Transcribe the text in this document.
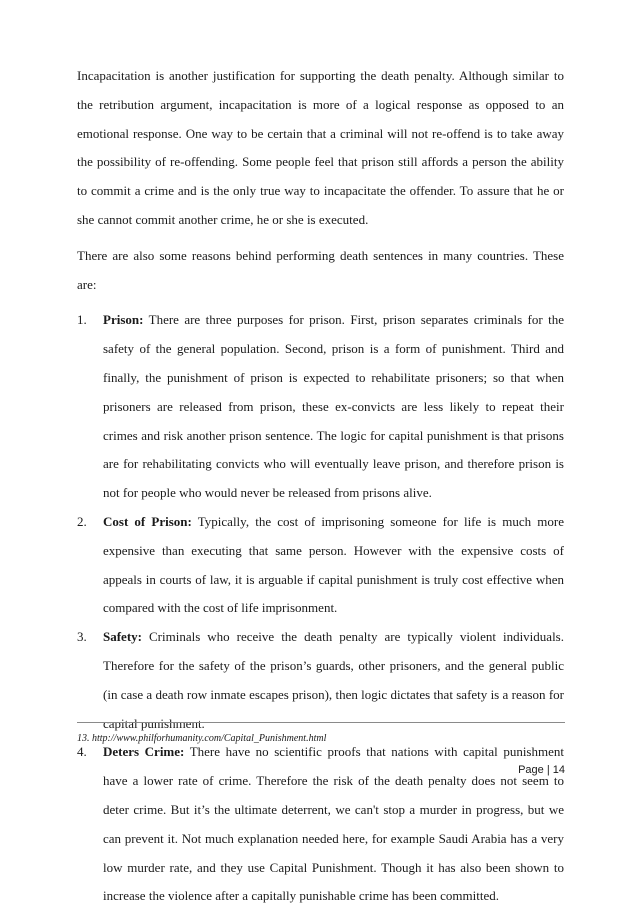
Incapacitation is another justification for supporting the death penalty. Although similar to the retribution argument, incapacitation is more of a logical response as opposed to an emotional response. One way to be certain that a criminal will not re-offend is to take away the possibility of re-offending. Some people feel that prison still affords a person the ability to commit a crime and is the only true way to incapacitate the offender. To assure that he or she cannot commit another crime, he or she is executed.

There are also some reasons behind performing death sentences in many countries. These are:

1. Prison: There are three purposes for prison. First, prison separates criminals for the safety of the general population. Second, prison is a form of punishment. Third and finally, the punishment of prison is expected to rehabilitate prisoners; so that when prisoners are released from prison, these ex-convicts are less likely to repeat their crimes and risk another prison sentence. The logic for capital punishment is that prisons are for rehabilitating convicts who will eventually leave prison, and therefore prison is not for people who would never be released from prisons alive.
2. Cost of Prison: Typically, the cost of imprisoning someone for life is much more expensive than executing that same person. However with the expensive costs of appeals in courts of law, it is arguable if capital punishment is truly cost effective when compared with the cost of life imprisonment.
3. Safety: Criminals who receive the death penalty are typically violent individuals. Therefore for the safety of the prison’s guards, other prisoners, and the general public (in case a death row inmate escapes prison), then logic dictates that safety is a reason for capital punishment.
4. Deters Crime: There have no scientific proofs that nations with capital punishment have a lower rate of crime. Therefore the risk of the death penalty does not seem to deter crime. But it’s the ultimate deterrent, we can't stop a murder in progress, but we can prevent it. Not much explanation needed here, for example Saudi Arabia has a very low murder rate, and they use Capital Punishment. Though it has also been shown to increase the violence after a capitally punishable crime has been committed.
13. http://www.philforhumanity.com/Capital_Punishment.html
Page | 14
